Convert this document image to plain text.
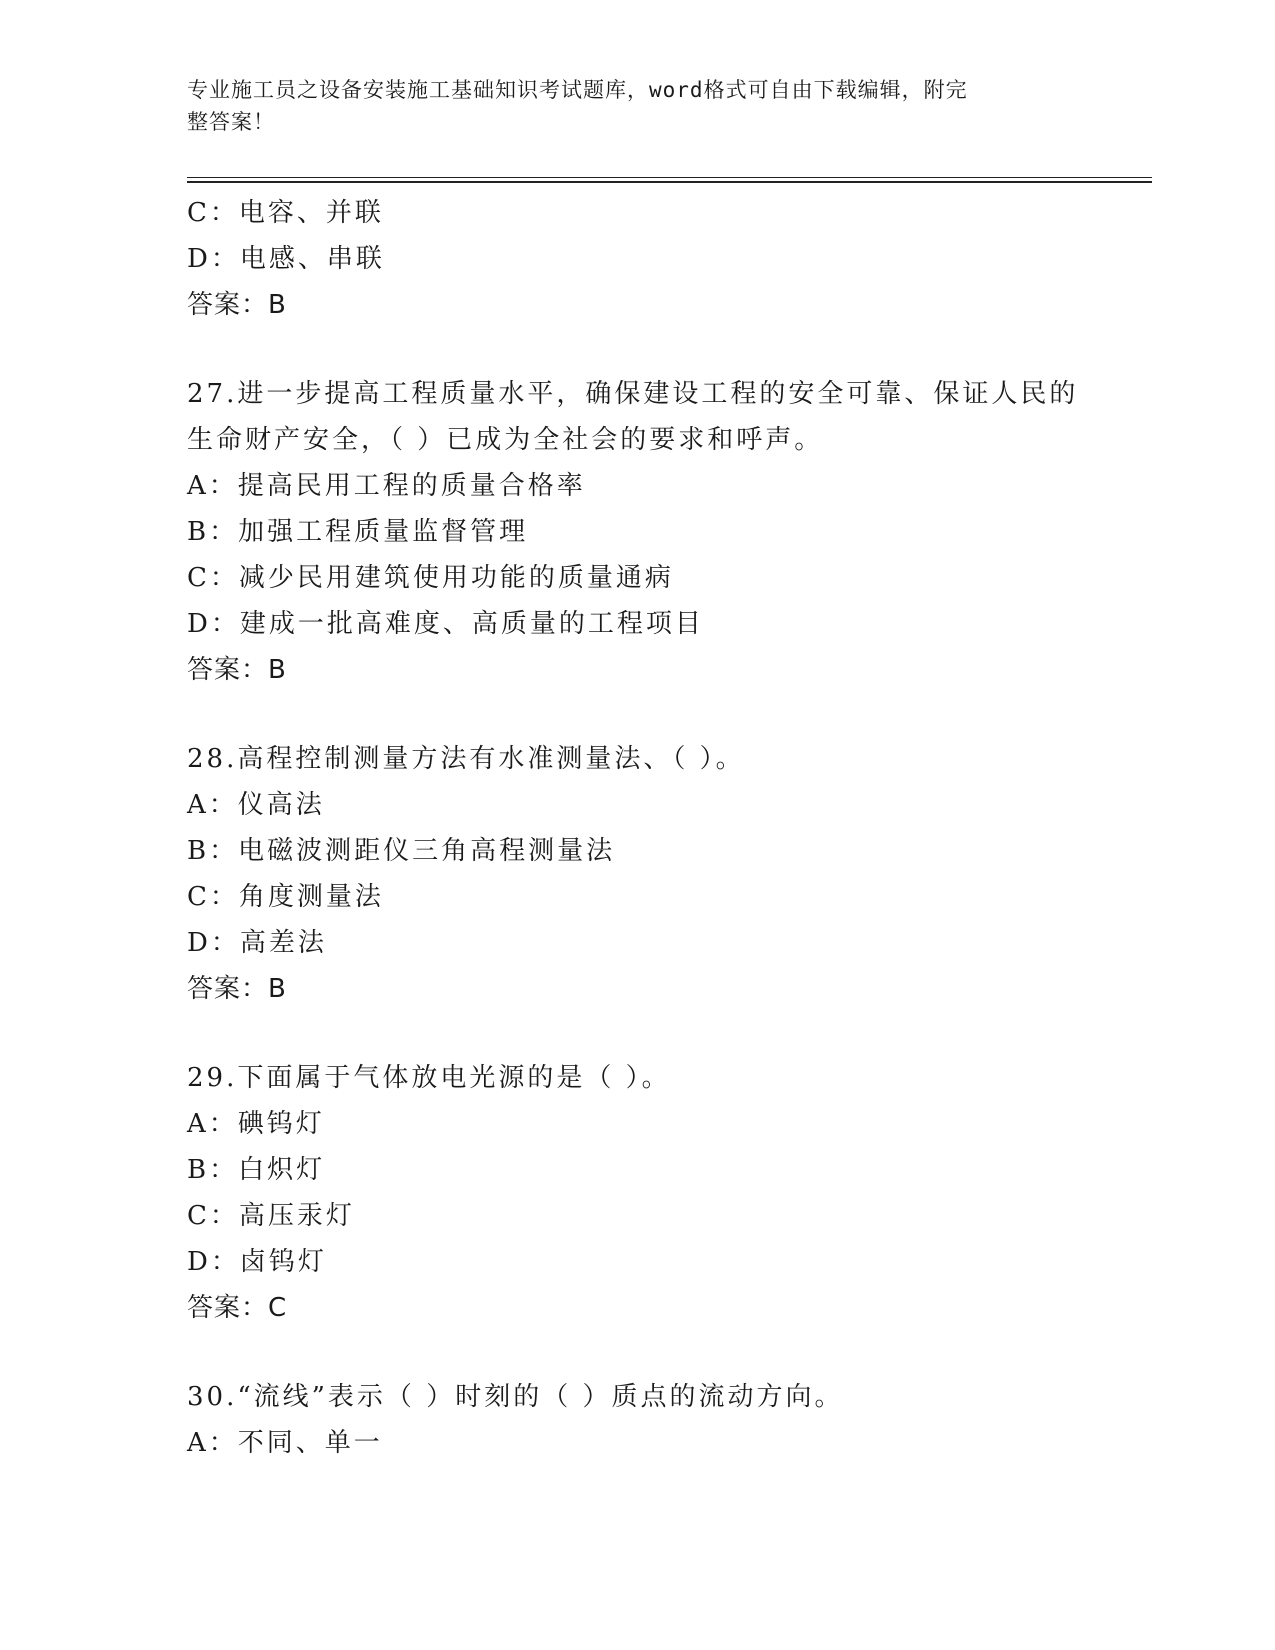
专业施工员之设备安装施工基础知识考试题库，word格式可自由下载编辑，附完
整答案！
C：电容、并联
D：电感、串联
答案：B
27.进一步提高工程质量水平，确保建设工程的安全可靠、保证人民的
生命财产安全，（ ）已成为全社会的要求和呼声。
A：提高民用工程的质量合格率
B：加强工程质量监督管理
C：减少民用建筑使用功能的质量通病
D：建成一批高难度、高质量的工程项目
答案：B
28.高程控制测量方法有水准测量法、（ ）。
A：仪高法
B：电磁波测距仪三角高程测量法
C：角度测量法
D：高差法
答案：B
29.下面属于气体放电光源的是（ ）。
A：碘钨灯
B：白炽灯
C：高压汞灯
D：卤钨灯
答案：C
30.“流线”表示（ ）时刻的（ ）质点的流动方向。
A：不同、单一
